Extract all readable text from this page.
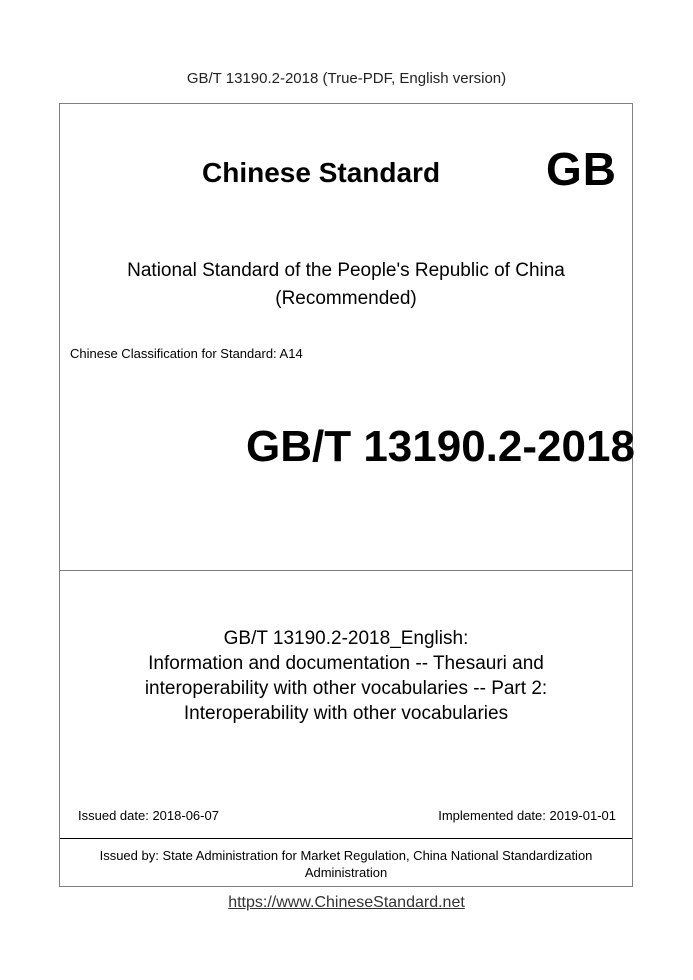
GB/T 13190.2-2018 (True-PDF, English version)
Chinese Standard GB
National Standard of the People's Republic of China
(Recommended)
Chinese Classification for Standard: A14
GB/T 13190.2-2018
GB/T 13190.2-2018_English:
Information and documentation -- Thesauri and
interoperability with other vocabularies -- Part 2:
Interoperability with other vocabularies
Issued date: 2018-06-07	Implemented date: 2019-01-01
Issued by: State Administration for Market Regulation, China National Standardization
Administration
https://www.ChineseStandard.net
